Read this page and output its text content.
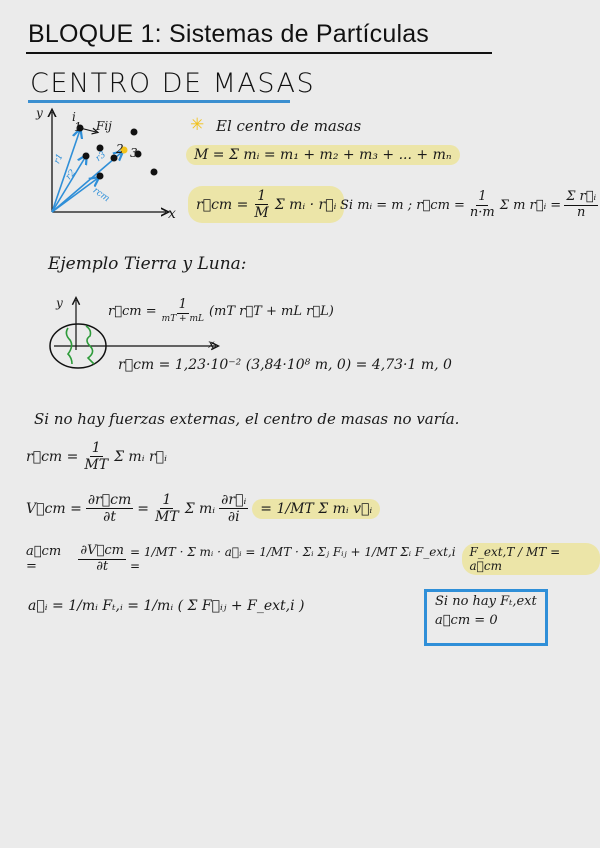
BLOQUE 1: Sistemas de Partículas
CENTRO DE MASAS
y
x
1
i
2 3
Fij
r1
r2
r3
rcm
✳ El centro de masas
M = Σ mᵢ = m₁ + m₂ + m₃ + ... + mₙ
r⃗cm = $\frac{1}{M}$ Σ mᵢ · r⃗ᵢ Si mᵢ = m ; r⃗cm = $\frac{1}{n\cdot m}$ Σ m r⃗ᵢ = $\frac{\text{Σ r⃗ᵢ}}{n}$
Ejemplo Tierra y Luna:
y
x
r⃗cm = $\frac{1}{mT + mL} (mT$ r⃗T + mL r⃗L)
r⃗cm = 1,23·10⁻² (3,84·10⁸ m, 0) = 4,73·1 m, 0
Si no hay fuerzas externas, el centro de masas no varía.
r⃗cm = $\frac{1}{MT}$ Σ mᵢ r⃗ᵢ
V⃗cm = $\frac{\partial r⃗cm}{\partial t} = \frac{1}{MT}$ Σ mᵢ $\frac{\text{∂r⃗ᵢ}}{\partial i} = 1/MT$ Σ mᵢ v⃗ᵢ
a⃗cm =	$\frac{\partial V⃗cm}{\partial t} = 1/MT \cdot \Sigma$ mᵢ · a⃗ᵢ = 1/MT · Σᵢ Σⱼ Fᵢⱼ + 1/MT Σᵢ F_ext,i =
F_ext,T / MT = a⃗cm
a⃗ᵢ = 1/mᵢ Fₜ,ᵢ = 1/mᵢ ( Σ F⃗ᵢⱼ + F_ext,i )	Si no hay Fₜ,ext
a⃗cm = 0
